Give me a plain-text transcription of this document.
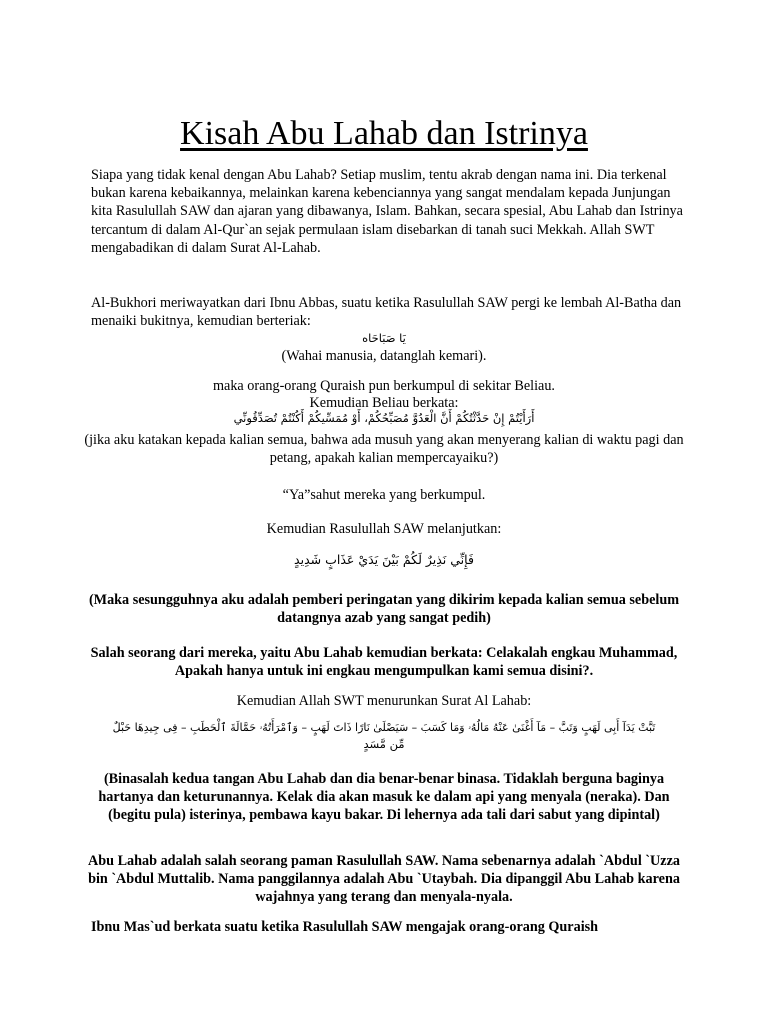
Kisah Abu Lahab dan Istrinya
Siapa yang tidak kenal dengan Abu Lahab? Setiap muslim, tentu akrab dengan nama ini. Dia terkenal bukan karena kebaikannya, melainkan karena kebenciannya yang sangat mendalam kepada Junjungan kita Rasulullah SAW dan ajaran yang dibawanya, Islam. Bahkan, secara spesial, Abu Lahab dan Istrinya tercantum di dalam Al-Qur`an sejak permulaan islam disebarkan di tanah suci Mekkah. Allah SWT mengabadikan di dalam Surat Al-Lahab.
Al-Bukhori meriwayatkan dari Ibnu Abbas, suatu ketika Rasulullah SAW pergi ke lembah Al-Batha dan menaiki bukitnya, kemudian berteriak:
يَا صَبَاحَاه
(Wahai manusia, datanglah kemari).
maka orang-orang Quraish pun berkumpul di sekitar Beliau.
Kemudian Beliau berkata:
أَرَأَيْتُمْ إِنْ حَدَّثْتُكُمْ أَنَّ الْعَدُوَّ مُصَبِّحُكُمْ، أَوْ مُمَسِّيكُمْ أَكُنْتُمْ تُصَدِّقُونِّي
(jika aku katakan kepada kalian semua, bahwa ada musuh yang akan menyerang kalian di waktu pagi dan petang, apakah kalian mempercayaiku?)
“Ya”sahut mereka yang berkumpul.
Kemudian Rasulullah SAW melanjutkan:
فَإِنِّي نَذِيرٌ لَكُمْ بَيْنَ يَدَيْ عَذَابٍ شَدِيدٍ
(Maka sesungguhnya aku adalah pemberi peringatan yang dikirim kepada kalian semua sebelum datangnya azab yang sangat pedih)
Salah seorang dari mereka, yaitu Abu Lahab kemudian berkata: Celakalah engkau Muhammad, Apakah hanya untuk ini engkau mengumpulkan kami semua disini?.
Kemudian Allah SWT menurunkan Surat Al Lahab:
تَبَّتْ يَدَآ أَبِى لَهَبٍ وَتَبَّ – مَآ أَغْنَىٰ عَنْهُ مَالُهُۥ وَمَا كَسَبَ – سَيَصْلَىٰ نَارًا ذَاتَ لَهَبٍ – وَٱمْرَأَتُهُۥ حَمَّالَةَ ٱلْحَطَبِ – فِى جِيدِهَا حَبْلٌ
مِّن مَّسَدٍ
(Binasalah kedua tangan Abu Lahab dan dia benar-benar binasa. Tidaklah berguna baginya hartanya dan keturunannya. Kelak dia akan masuk ke dalam api yang menyala (neraka). Dan (begitu pula) isterinya, pembawa kayu bakar. Di lehernya ada tali dari sabut yang dipintal)
Abu Lahab adalah salah seorang paman Rasulullah SAW. Nama sebenarnya adalah `Abdul `Uzza bin `Abdul Muttalib. Nama panggilannya adalah Abu `Utaybah. Dia dipanggil Abu Lahab karena wajahnya yang terang dan menyala-nyala.
Ibnu Mas`ud berkata suatu ketika Rasulullah SAW mengajak orang-orang Quraish
